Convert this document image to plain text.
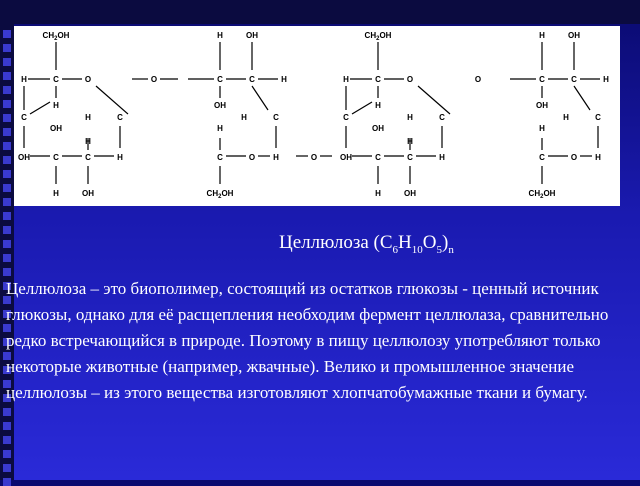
$CH_2OH$
H	C	O
H
C
OH
H	C
OH	C	C	H
H	OH
H
O
H	OH
C	C	H
OH
C
H
H
C	O H
$CH_2OH$
$CH_2OH$
H	C	O
H
C
OH
H	C
OH	C	C	H
H	OH
H
O
H	OH
C	C	H
OH
C
H
H
C	O H
$CH_2OH$
O
Целлюлоза $(С_6Н_{10}О_5)_n$
Целлюлоза – это биополимер, состоящий из остатков глюкозы - ценный источник глюкозы, однако для её расщепления необходим фермент целлюлаза, сравнительно редко встречающийся в природе. Поэтому в пищу целлюлозу употребляют только некоторые животные (например, жвачные). Велико и промышленное значение целлюлозы – из этого вещества изготовляют хлопчатобумажные ткани и бумагу.
